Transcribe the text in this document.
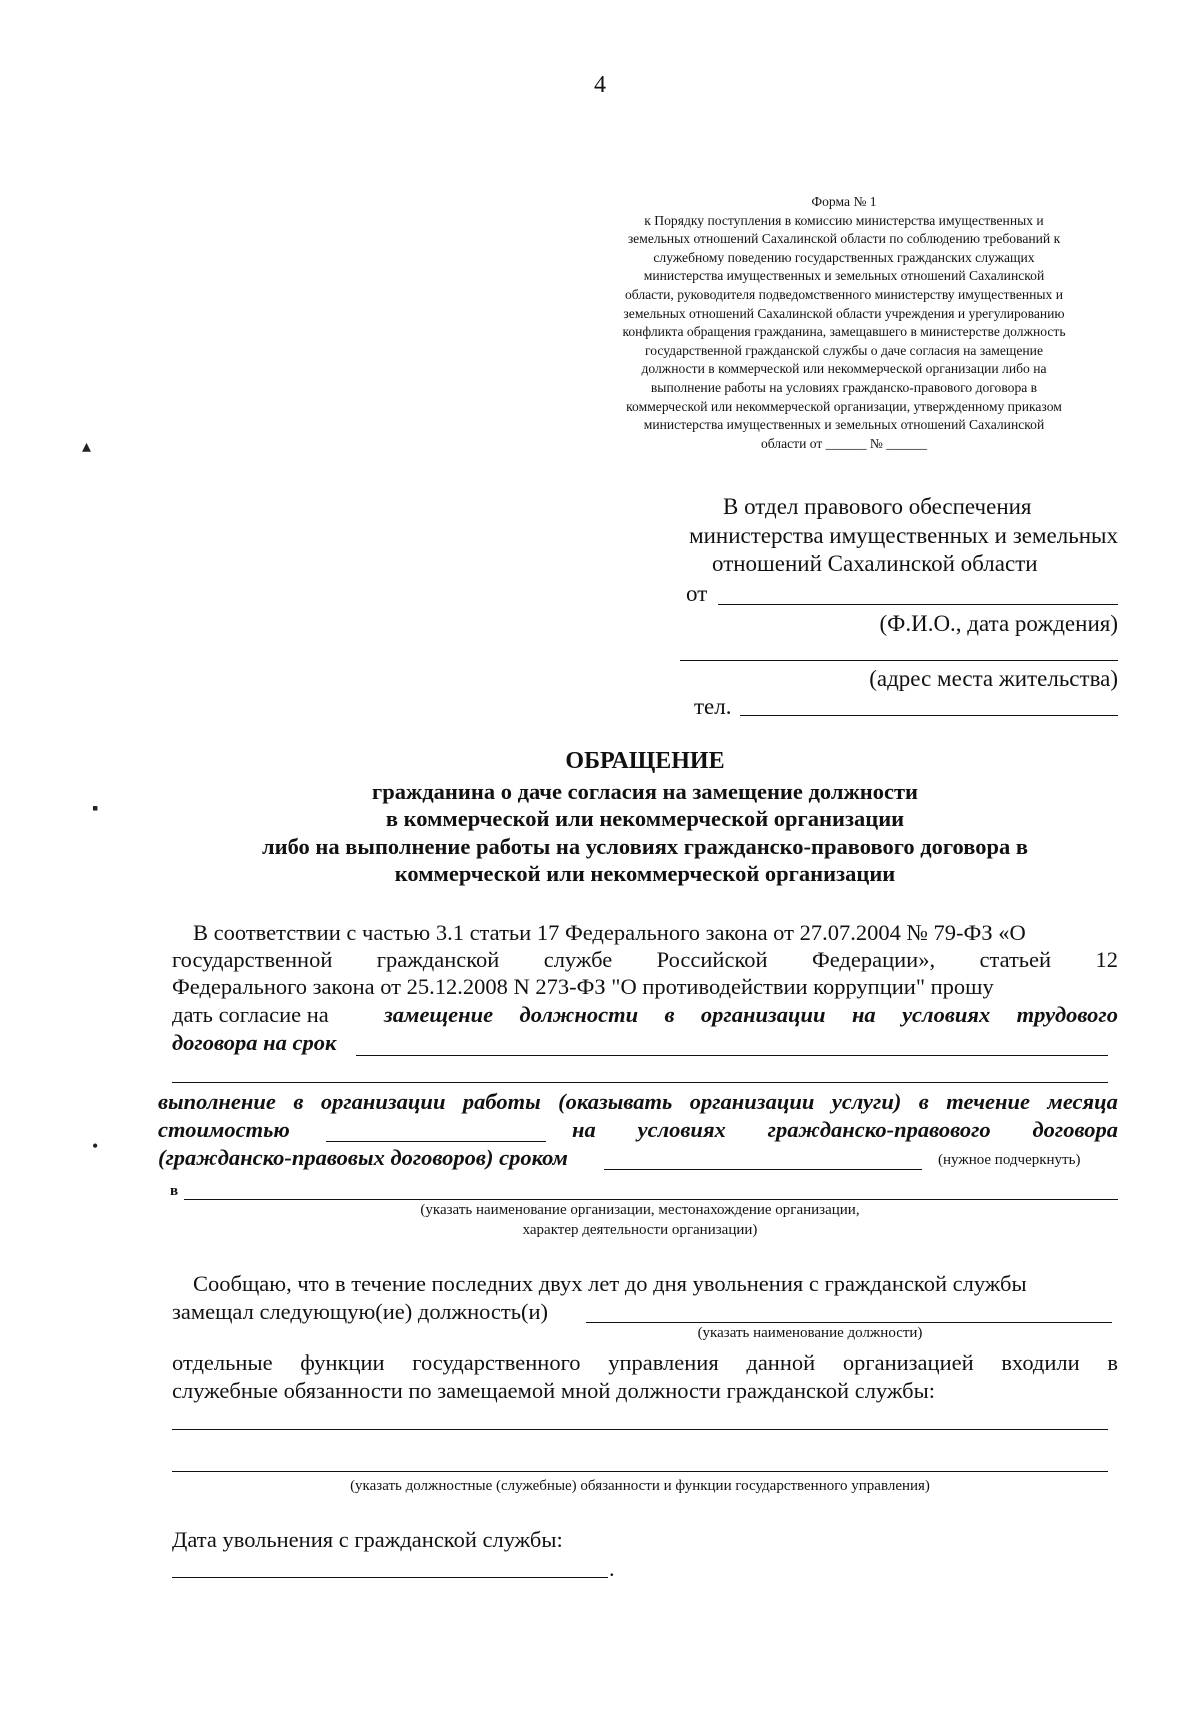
4
Форма № 1
к Порядку поступления в комиссию министерства имущественных и
земельных отношений Сахалинской области по соблюдению требований к
служебному поведению государственных гражданских служащих
министерства имущественных и земельных отношений Сахалинской
области, руководителя подведомственного министерству имущественных и
земельных отношений Сахалинской области учреждения и урегулированию
конфликта обращения гражданина, замещавшего в министерстве должность
государственной гражданской службы о даче согласия на замещение
должности в коммерческой или некоммерческой организации либо на
выполнение работы на условиях гражданско-правового договора в
коммерческой или некоммерческой организации, утвержденному приказом
министерства имущественных и земельных отношений Сахалинской
области от ______ № ______
В отдел правового обеспечения
министерства имущественных и земельных
отношений Сахалинской области
от
(Ф.И.О., дата рождения)
(адрес места жительства)
тел.
ОБРАЩЕНИЕ
гражданина о даче согласия на замещение должности
в коммерческой или некоммерческой организации
либо на выполнение работы на условиях гражданско-правового договора в
коммерческой или некоммерческой организации
В соответствии с частью 3.1 статьи 17 Федерального закона от 27.07.2004 № 79-ФЗ «О
государственной гражданской службе Российской Федерации», статьей 12
Федерального закона от 25.12.2008 N 273-ФЗ "О противодействии коррупции" прошу
дать согласие на замещение должности в организации на условиях трудового
договора на срок
выполнение в организации работы (оказывать организации услуги) в течение месяца
стоимостью	на условиях гражданско-правового договора
(гражданско-правовых договоров) сроком	(нужное подчеркнуть)
в
(указать наименование организации, местонахождение организации,
характер деятельности организации)
Сообщаю, что в течение последних двух лет до дня увольнения с гражданской службы
замещал следующую(ие) должность(и)
(указать наименование должности)
отдельные функции государственного управления данной организацией входили в
служебные обязанности по замещаемой мной должности гражданской службы:
(указать должностные (служебные) обязанности и функции государственного управления)
Дата увольнения с гражданской службы:
.
▴
▪
•
